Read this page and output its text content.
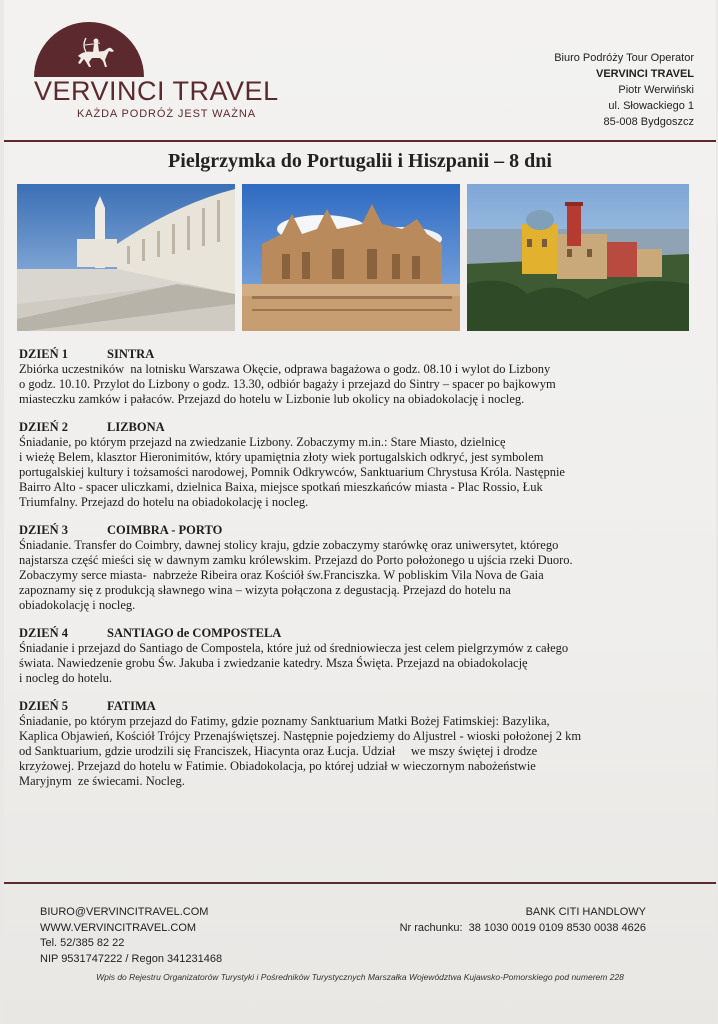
VERVINCI TRAVEL
KAŻDA PODRÓŻ JEST WAŻNA
Biuro Podróży Tour Operator
VERVINCI TRAVEL
Piotr Werwiński
ul. Słowackiego 1
85-008 Bydgoszcz
Pielgrzymka do Portugalii i Hiszpanii – 8 dni
DZIEŃ 1	SINTRA

Zbiórka uczestników  na lotnisku Warszawa Okęcie, odprawa bagażowa o godz. 08.10 i wylot do Lizbony

o godz. 10.10. Przylot do Lizbony o godz. 13.30, odbiór bagaży i przejazd do Sintry – spacer po bajkowym

miasteczku zamków i pałaców. Przejazd do hotelu w Lizbonie lub okolicy na obiadokolację i nocleg.

DZIEŃ 2	LIZBONA

Śniadanie, po którym przejazd na zwiedzanie Lizbony. Zobaczymy m.in.: Stare Miasto, dzielnicę

i wieżę Belem, klasztor Hieronimitów, który upamiętnia złoty wiek portugalskich odkryć, jest symbolem

portugalskiej kultury i tożsamości narodowej, Pomnik Odkrywców, Sanktuarium Chrystusa Króla. Następnie

Bairro Alto - spacer uliczkami, dzielnica Baixa, miejsce spotkań mieszkańców miasta - Plac Rossio, Łuk

Triumfalny. Przejazd do hotelu na obiadokolację i nocleg.

DZIEŃ 3	COIMBRA - PORTO

Śniadanie. Transfer do Coimbry, dawnej stolicy kraju, gdzie zobaczymy starówkę oraz uniwersytet, którego

najstarsza część mieści się w dawnym zamku królewskim. Przejazd do Porto położonego u ujścia rzeki Duoro.

Zobaczymy serce miasta-  nabrzeże Ribeira oraz Kościół św.Franciszka. W pobliskim Vila Nova de Gaia

zapoznamy się z produkcją sławnego wina – wizyta połączona z degustacją. Przejazd do hotelu na

obiadokolację i nocleg.

DZIEŃ 4	SANTIAGO de COMPOSTELA

Śniadanie i przejazd do Santiago de Compostela, które już od średniowiecza jest celem pielgrzymów z całego

świata. Nawiedzenie grobu Św. Jakuba i zwiedzanie katedry. Msza Święta. Przejazd na obiadokolację

i nocleg do hotelu.

DZIEŃ 5	FATIMA

Śniadanie, po którym przejazd do Fatimy, gdzie poznamy Sanktuarium Matki Bożej Fatimskiej: Bazylika,

Kaplica Objawień, Kościół Trójcy Przenajświętszej. Następnie pojedziemy do Aljustrel - wioski położonej 2 km

od Sanktuarium, gdzie urodzili się Franciszek, Hiacynta oraz Łucja. Udział     we mszy świętej i drodze

krzyżowej. Przejazd do hotelu w Fatimie. Obiadokolacja, po której udział w wieczornym nabożeństwie

Maryjnym  ze świecami. Nocleg.

BIURO@VERVINCITRAVEL.COM
WWW.VERVINCITRAVEL.COM
Tel. 52/385 82 22
NIP 9531747222 / Regon 341231468
BANK CITI HANDLOWY
Nr rachunku: 38 1030 0019 0109 8530 0038 4626
Wpis do Rejestru Organizatorów Turystyki i Pośredników Turystycznych Marszałka Województwa Kujawsko-Pomorskiego pod numerem 228
